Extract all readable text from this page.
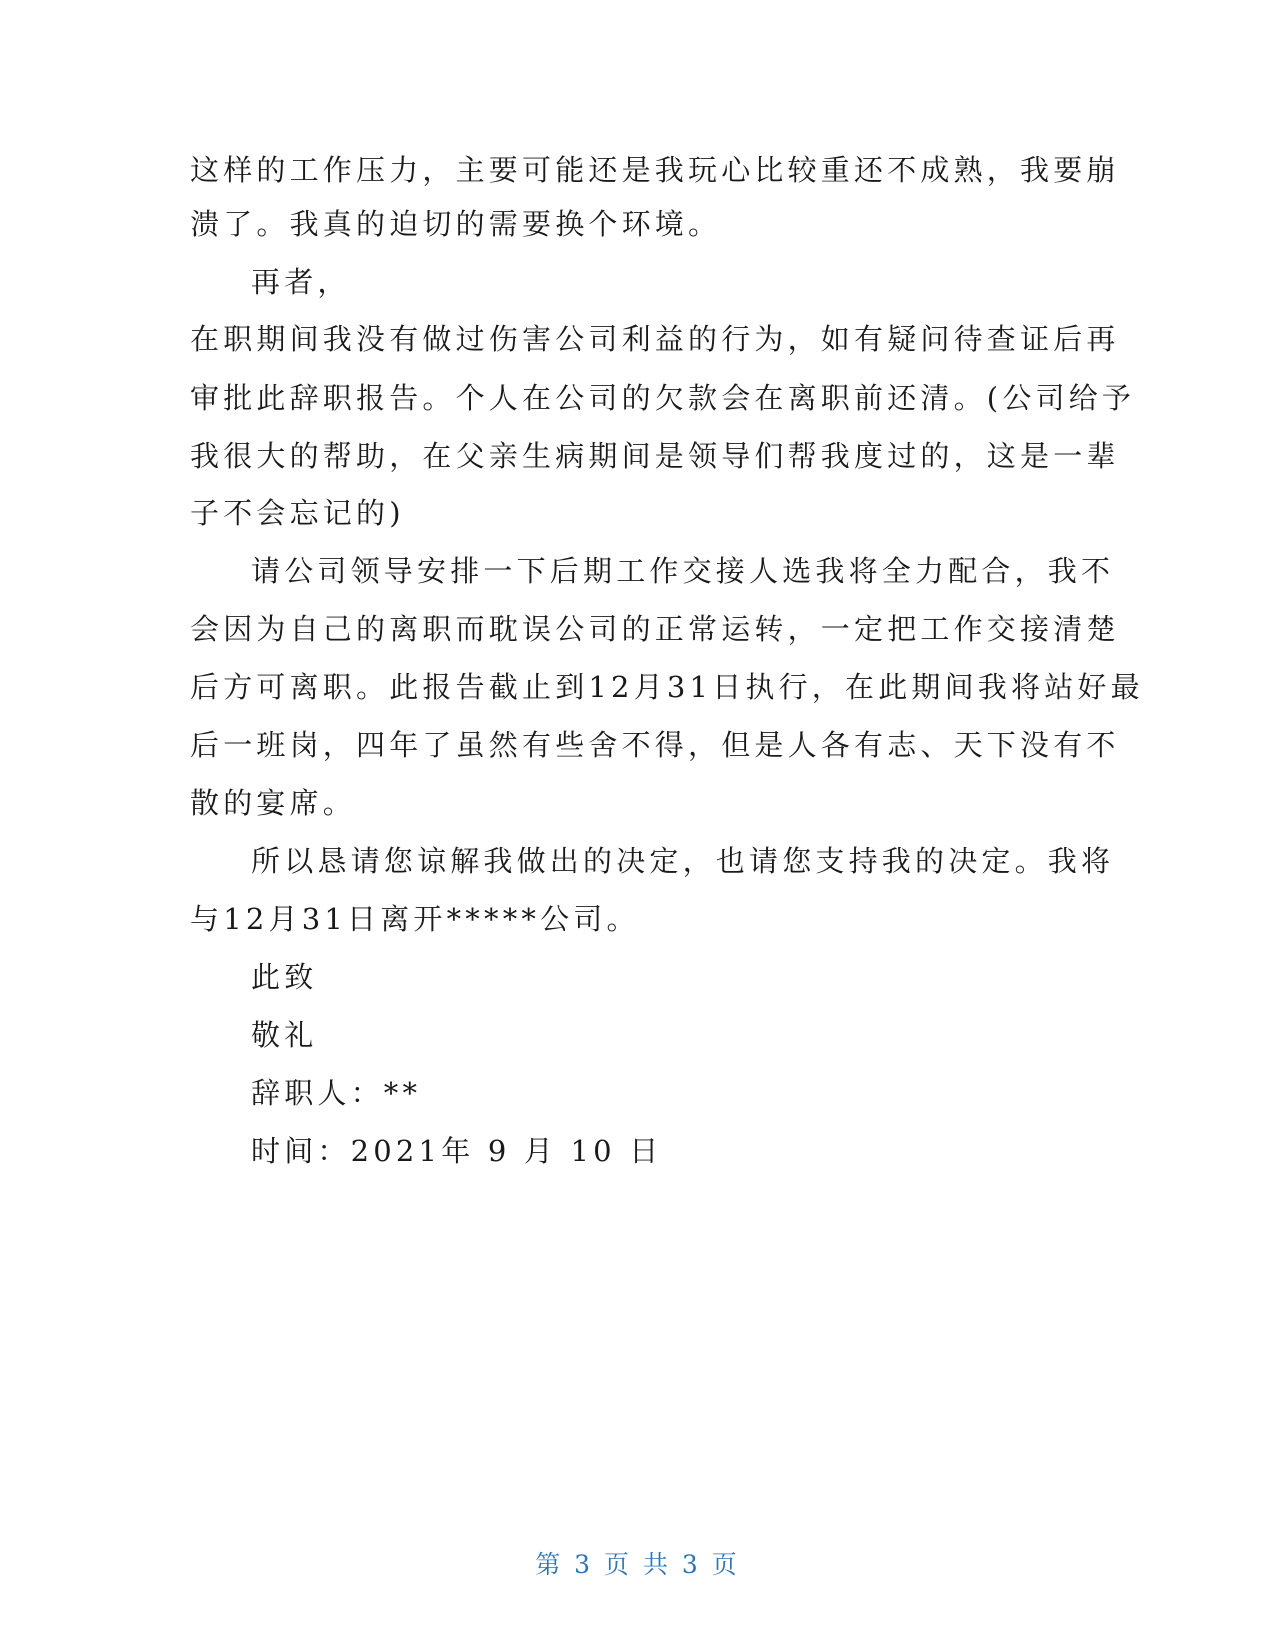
这样的工作压力，主要可能还是我玩心比较重还不成熟，我要崩
溃了。我真的迫切的需要换个环境。
再者，
在职期间我没有做过伤害公司利益的行为，如有疑问待查证后再
审批此辞职报告。个人在公司的欠款会在离职前还清。(公司给予
我很大的帮助，在父亲生病期间是领导们帮我度过的，这是一辈
子不会忘记的)
请公司领导安排一下后期工作交接人选我将全力配合，我不
会因为自己的离职而耽误公司的正常运转，一定把工作交接清楚
后方可离职。此报告截止到12月31日执行，在此期间我将站好最
后一班岗，四年了虽然有些舍不得，但是人各有志、天下没有不
散的宴席。
所以恳请您谅解我做出的决定，也请您支持我的决定。我将
与12月31日离开*****公司。
此致
敬礼
辞职人：**
时间：2021年 9 月 10 日
第 3 页 共 3 页
